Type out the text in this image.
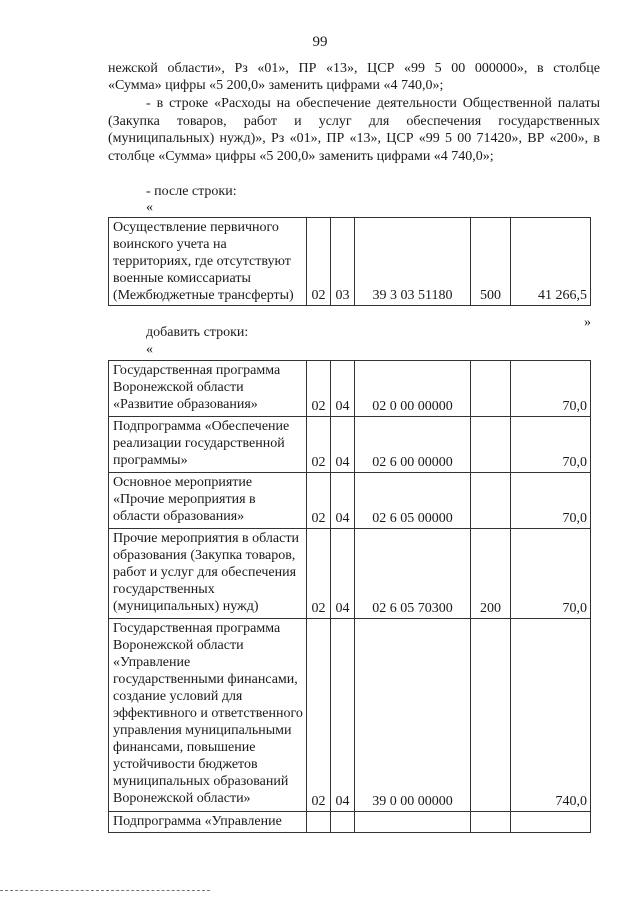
99
нежской области», Рз «01», ПР «13», ЦСР «99 5 00 000000», в столбце
«Сумма» цифры «5 200,0» заменить цифрами «4 740,0»;
- в строке «Расходы на обеспечение деятельности Общественной палаты (Закупка товаров, работ и услуг для обеспечения государственных (муниципальных) нужд)», Рз «01», ПР «13», ЦСР «99 5 00 71420», ВР «200», в столбце «Сумма» цифры «5 200,0» заменить цифрами «4 740,0»;
- после строки:
«
Осуществление первичного воинского учета на территориях, где отсутствуют военные комиссариаты (Межбюджетные трансферты)	02	03	39 3 03 51180	500	41 266,5
»
добавить строки:
«
Государственная программа Воронежской области «Развитие образования»	02	04	02 0 00 00000		70,0
Подпрограмма «Обеспечение реализации государственной программы»	02	04	02 6 00 00000		70,0
Основное мероприятие «Прочие мероприятия в области образования»	02	04	02 6 05 00000		70,0
Прочие мероприятия в области образования (Закупка товаров, работ и услуг для обеспечения государственных (муниципальных) нужд)	02	04	02 6 05 70300	200	70,0
Государственная программа Воронежской области «Управление государственными финансами, создание условий для эффективного и ответственного управления муниципальными финансами, повышение устойчивости бюджетов муниципальных образований Воронежской области»	02	04	39 0 00 00000		740,0
Подпрограмма «Управление					
